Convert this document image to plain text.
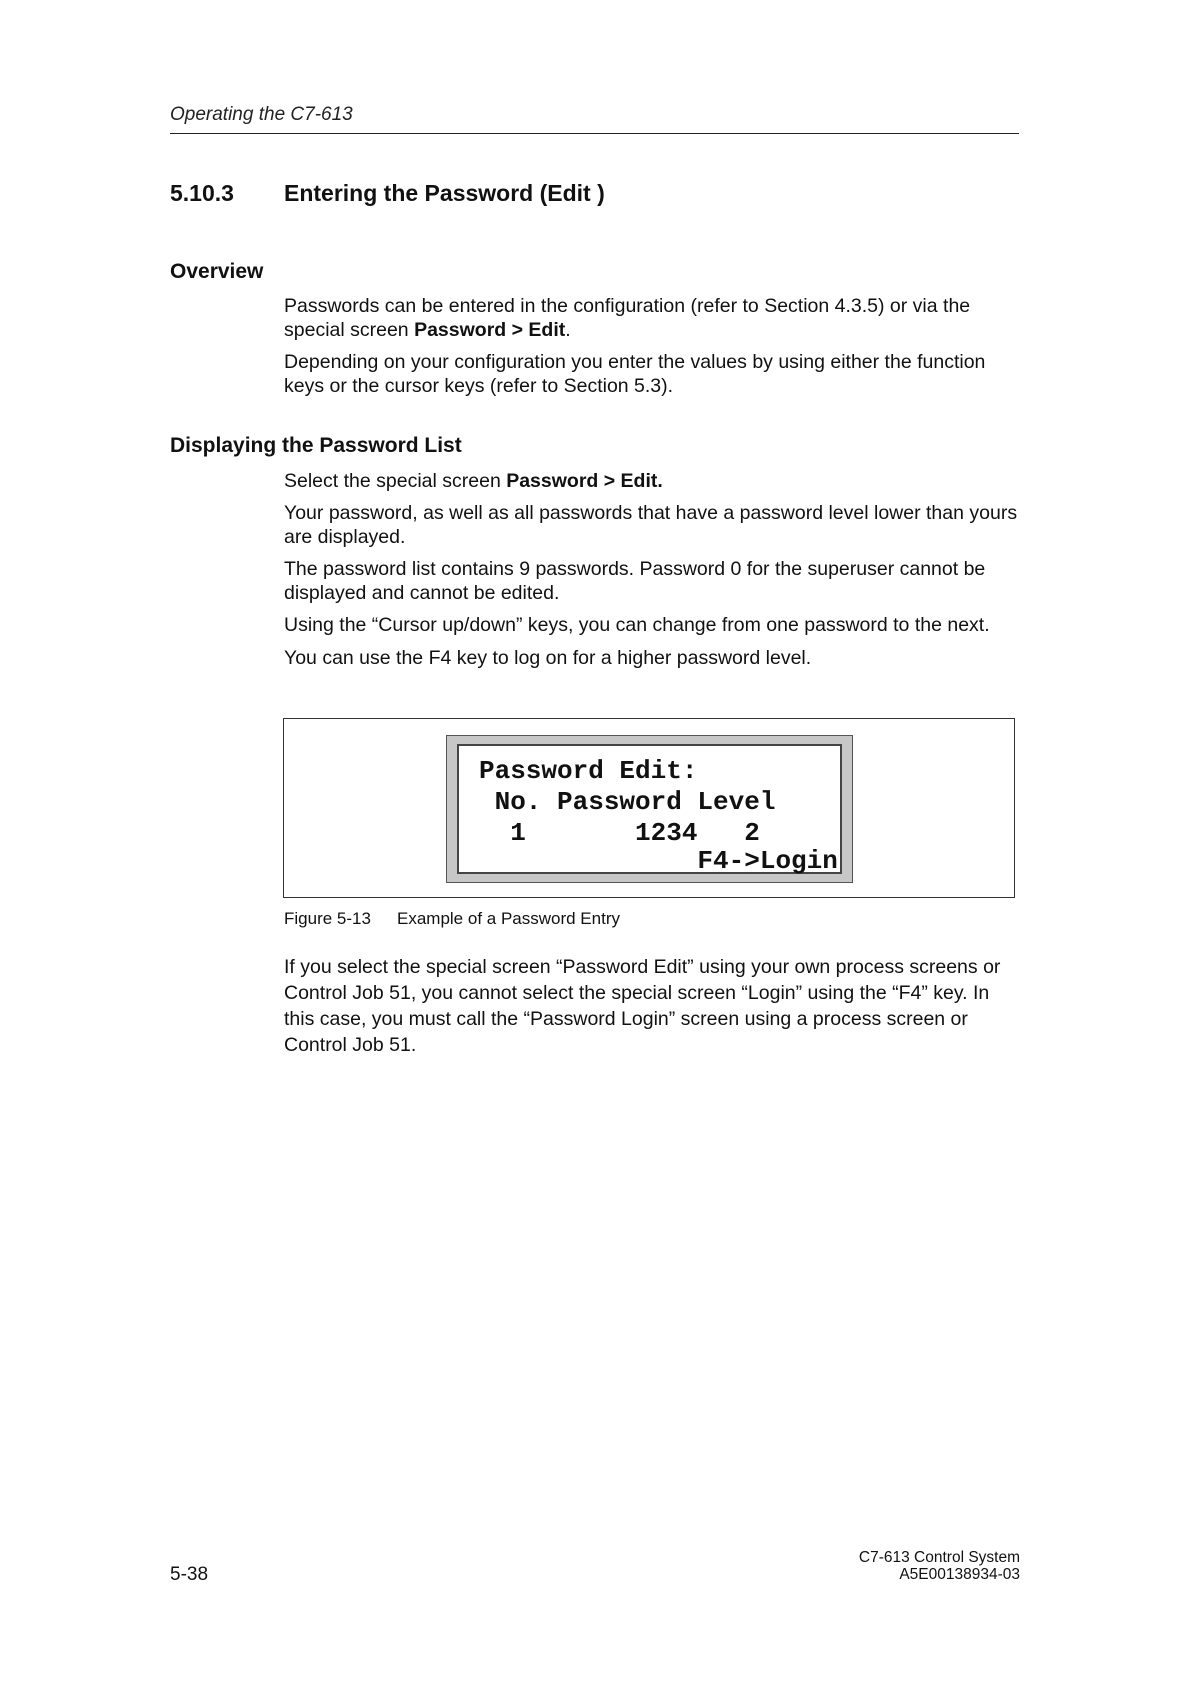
Operating the C7-613
5.10.3 Entering the Password (Edit )
Overview
Passwords can be entered in the configuration (refer to Section 4.3.5) or via the special screen Password > Edit.
Depending on your configuration you enter the values by using either the function keys or the cursor keys (refer to Section 5.3).
Displaying the Password List
Select the special screen Password > Edit.
Your password, as well as all passwords that have a password level lower than yours are displayed.
The password list contains 9 passwords. Password 0 for the superuser cannot be displayed and cannot be edited.
Using the “Cursor up/down” keys, you can change from one password to the next.
You can use the F4 key to log on for a higher password level.
Password Edit:
No. Password Level
1       1234   2
F4->Login
Figure 5-13 Example of a Password Entry
If you select the special screen “Password Edit” using your own process screens or Control Job 51, you cannot select the special screen “Login” using the “F4” key. In this case, you must call the “Password Login” screen using a process screen or Control Job 51.
5-38
C7-613 Control System
A5E00138934-03
